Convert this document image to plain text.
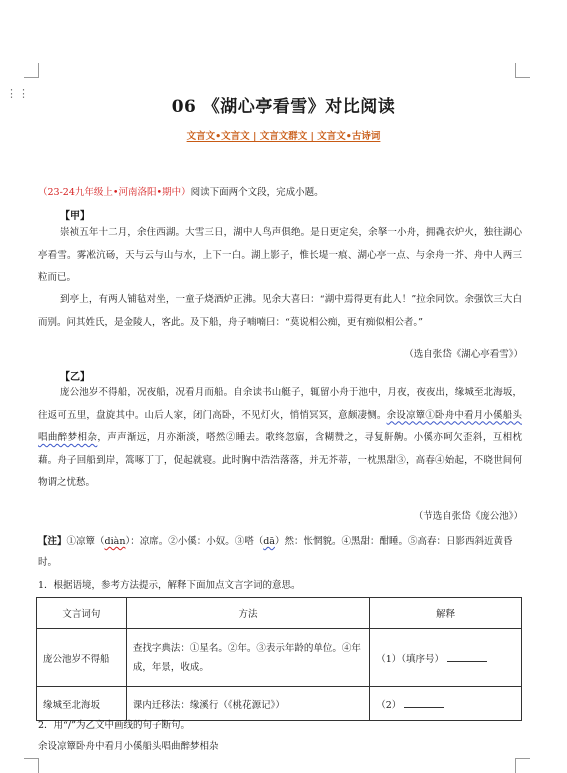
⋮⋮
06 《湖心亭看雪》对比阅读
文言文•文言文 | 文言文群文 | 文言文•古诗词
（23-24九年级上•河南洛阳•期中）阅读下面两个文段，完成小题。
【甲】
崇祯五年十二月，余住西湖。大雪三日，湖中人鸟声俱绝。是日更定矣，余拏一小舟，拥毳衣炉火，独往湖心亭看雪。雾凇沆砀，天与云与山与水，上下一白。湖上影子，惟长堤一痕、湖心亭一点、与余舟一芥、舟中人两三粒而已。
到亭上，有两人铺毡对坐，一童子烧酒炉正沸。见余大喜曰：“湖中焉得更有此人！”拉余同饮。余强饮三大白而别。问其姓氏，是金陵人，客此。及下船，舟子喃喃曰：“莫说相公痴，更有痴似相公者。”
（选自张岱《湖心亭看雪》）
【乙】
庞公池岁不得船，况夜船，况看月而船。自余读书山艇子，辄留小舟于池中，月夜，夜夜出，缘城至北海坂，往返可五里，盘旋其中。山后人家，闭门高卧，不见灯火，悄悄冥冥，意颇凄恻。余设凉簟①卧舟中看月小傒船头唱曲醉梦相杂，声声渐远，月亦渐淡，嗒然②睡去。歌终忽寤，含糊赞之，寻复鼾齁。小傒亦呵欠歪斜，互相枕藉。舟子回船到岸，篙啄丁丁，促起就寝。此时胸中浩浩落落，并无芥蒂，一枕黑甜③，高春④始起，不晓世间何物谓之忧愁。
（节选自张岱《庞公池》）
【注】①凉簟（diàn）：凉席。②小傒：小奴。③嗒（dā）然：怅惘貌。④黑甜：酣睡。⑤高春：日影西斜近黄昏时。
1．根据语境，参考方法提示，解释下面加点文言字词的意思。
文言词句	方法	解释
庞公池岁不得船	查找字典法：①星名。②年。③表示年龄的单位。④年成，年景，收成。	（1）（填序号）
缘城至北海坂	课内迁移法：缘溪行（《桃花源记》）	（2）
2．用“/”为乙文中画线的句子断句。
余设凉簟卧舟中看月小傒船头唱曲醉梦相杂
